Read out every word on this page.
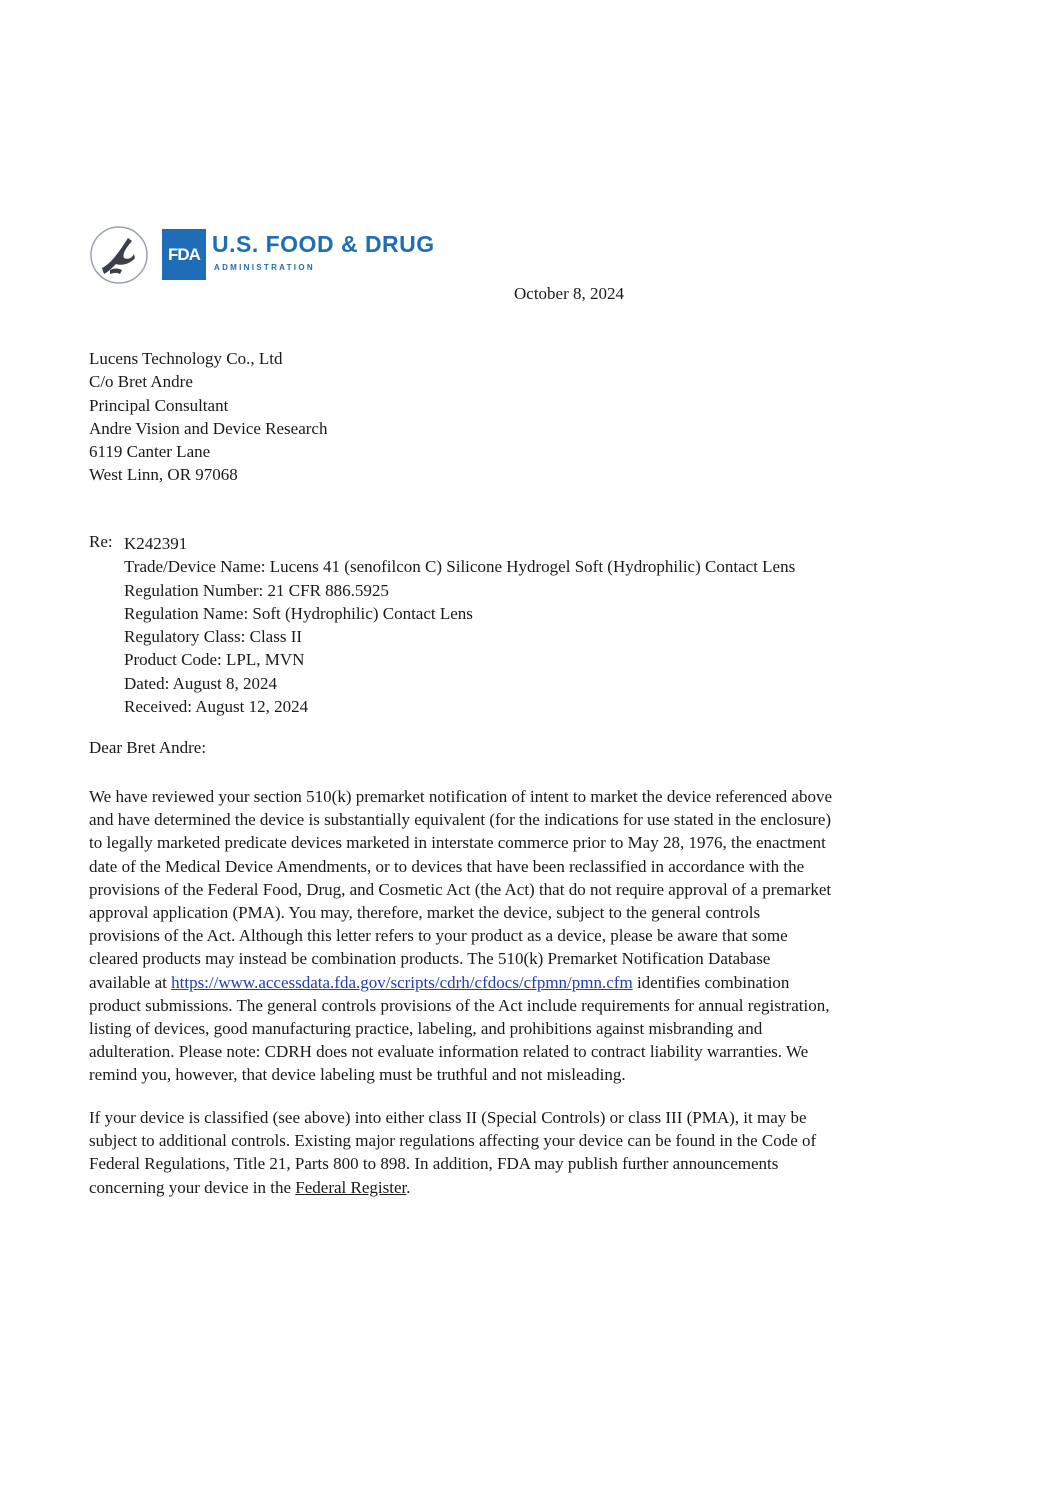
FDA U.S. FOOD & DRUG
ADMINISTRATION
October 8, 2024
Lucens Technology Co., Ltd
C/o Bret Andre
Principal Consultant
Andre Vision and Device Research
6119 Canter Lane
West Linn, OR 97068
Re: K242391
Trade/Device Name: Lucens 41 (senofilcon C) Silicone Hydrogel Soft (Hydrophilic) Contact Lens
Regulation Number: 21 CFR 886.5925
Regulation Name: Soft (Hydrophilic) Contact Lens
Regulatory Class: Class II
Product Code: LPL, MVN
Dated: August 8, 2024
Received: August 12, 2024
Dear Bret Andre:
We have reviewed your section 510(k) premarket notification of intent to market the device referenced above
and have determined the device is substantially equivalent (for the indications for use stated in the enclosure)
to legally marketed predicate devices marketed in interstate commerce prior to May 28, 1976, the enactment
date of the Medical Device Amendments, or to devices that have been reclassified in accordance with the
provisions of the Federal Food, Drug, and Cosmetic Act (the Act) that do not require approval of a premarket
approval application (PMA). You may, therefore, market the device, subject to the general controls
provisions of the Act. Although this letter refers to your product as a device, please be aware that some
cleared products may instead be combination products. The 510(k) Premarket Notification Database
available at https://www.accessdata.fda.gov/scripts/cdrh/cfdocs/cfpmn/pmn.cfm identifies combination
product submissions. The general controls provisions of the Act include requirements for annual registration,
listing of devices, good manufacturing practice, labeling, and prohibitions against misbranding and
adulteration. Please note: CDRH does not evaluate information related to contract liability warranties. We
remind you, however, that device labeling must be truthful and not misleading.
If your device is classified (see above) into either class II (Special Controls) or class III (PMA), it may be
subject to additional controls. Existing major regulations affecting your device can be found in the Code of
Federal Regulations, Title 21, Parts 800 to 898. In addition, FDA may publish further announcements
concerning your device in the Federal Register.
